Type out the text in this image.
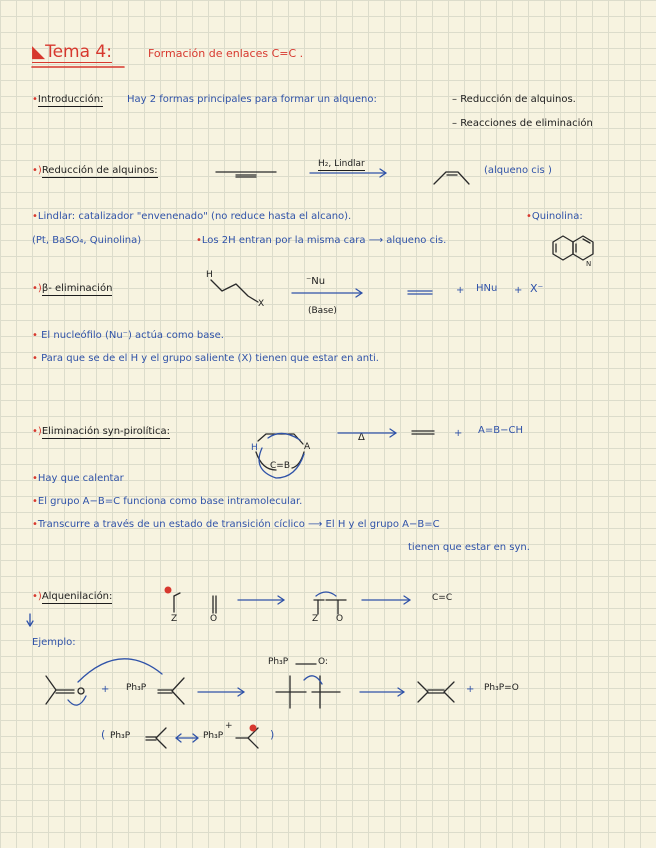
◣Tema 4:	Formación de enlaces C=C .
•Introducción: Hay 2 formas principales para formar un alqueno:	– Reducción de alquinos.
– Reacciones de eliminación
•)Reducción de alquinos:
H₂, Lindlar
(alqueno cis )
•Lindlar: catalizador "envenenado" (no reduce hasta el alcano).
(Pt, BaSO₄, Quinolina)	•Los 2H entran por la misma cara ⟶ alqueno cis.
•Quinolina:
•)β- eliminación
H
X
⁻Nu
(Base)
+ HNu + X⁻
• El nucleófilo (Nu⁻) actúa como base.
• Para que se de el H y el grupo saliente (X) tienen que estar en anti.
•)Eliminación syn-pirolítica:
H	A
C=B
Δ	+ A=B−CH
•Hay que calentar
•El grupo A−B=C funciona como base intramolecular.
•Transcurre a través de un estado de transición cíclico ⟶ El H y el grupo A−B=C
tienen que estar en syn.
•)Alquenilación:
Z	O	Z O
C=C
Ejemplo:
Ph₃P
+
Ph₃P	O:
+ Ph₃P=O
( Ph₃P	Ph₃P	)
N
+
